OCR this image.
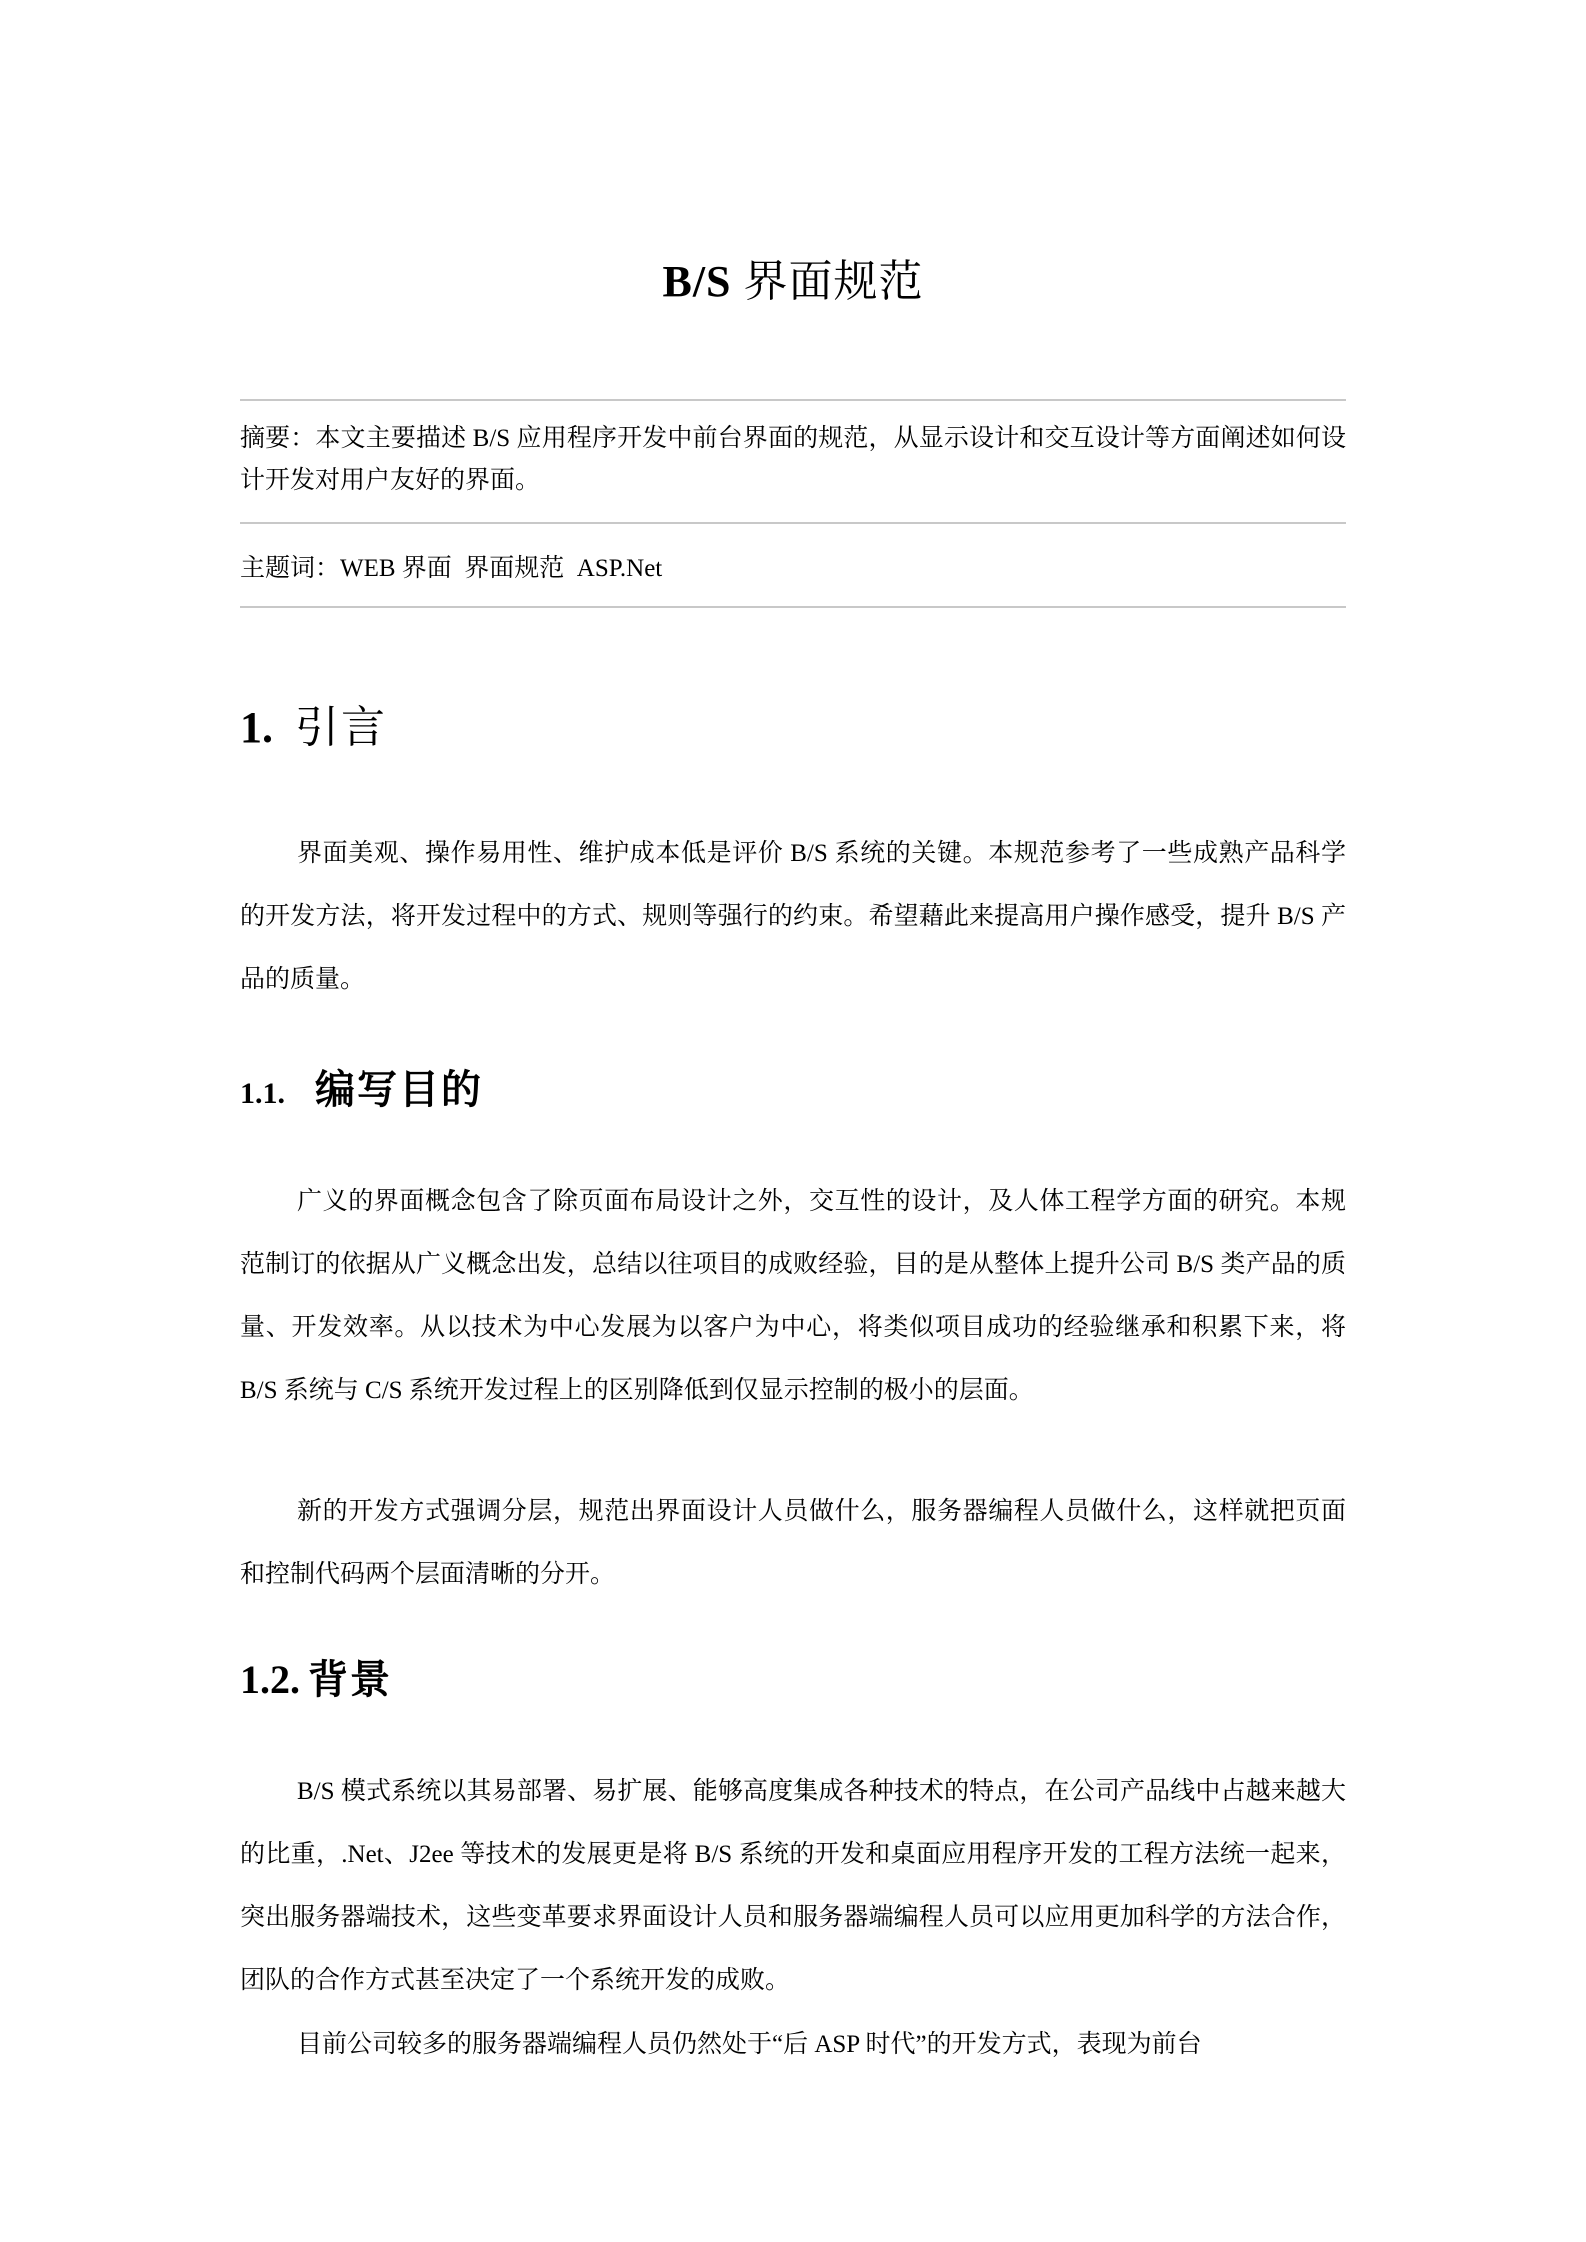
B/S 界面规范
摘要：本文主要描述 B/S 应用程序开发中前台界面的规范，从显示设计和交互设计等方面阐述如何设计开发对用户友好的界面。
主题词：WEB 界面  界面规范  ASP.Net
1. 引言
界面美观、操作易用性、维护成本低是评价 B/S 系统的关键。本规范参考了一些成熟产品科学的开发方法，将开发过程中的方式、规则等强行的约束。希望藉此来提高用户操作感受，提升 B/S 产品的质量。
1.1. 编写目的
广义的界面概念包含了除页面布局设计之外，交互性的设计，及人体工程学方面的研究。本规范制订的依据从广义概念出发，总结以往项目的成败经验，目的是从整体上提升公司 B/S 类产品的质量、开发效率。从以技术为中心发展为以客户为中心，将类似项目成功的经验继承和积累下来，将 B/S 系统与 C/S 系统开发过程上的区别降低到仅显示控制的极小的层面。
新的开发方式强调分层，规范出界面设计人员做什么，服务器编程人员做什么，这样就把页面和控制代码两个层面清晰的分开。
1.2. 背景
B/S 模式系统以其易部署、易扩展、能够高度集成各种技术的特点，在公司产品线中占越来越大的比重，.Net、J2ee 等技术的发展更是将 B/S 系统的开发和桌面应用程序开发的工程方法统一起来，突出服务器端技术，这些变革要求界面设计人员和服务器端编程人员可以应用更加科学的方法合作，团队的合作方式甚至决定了一个系统开发的成败。
目前公司较多的服务器端编程人员仍然处于“后 ASP 时代”的开发方式，表现为前台
